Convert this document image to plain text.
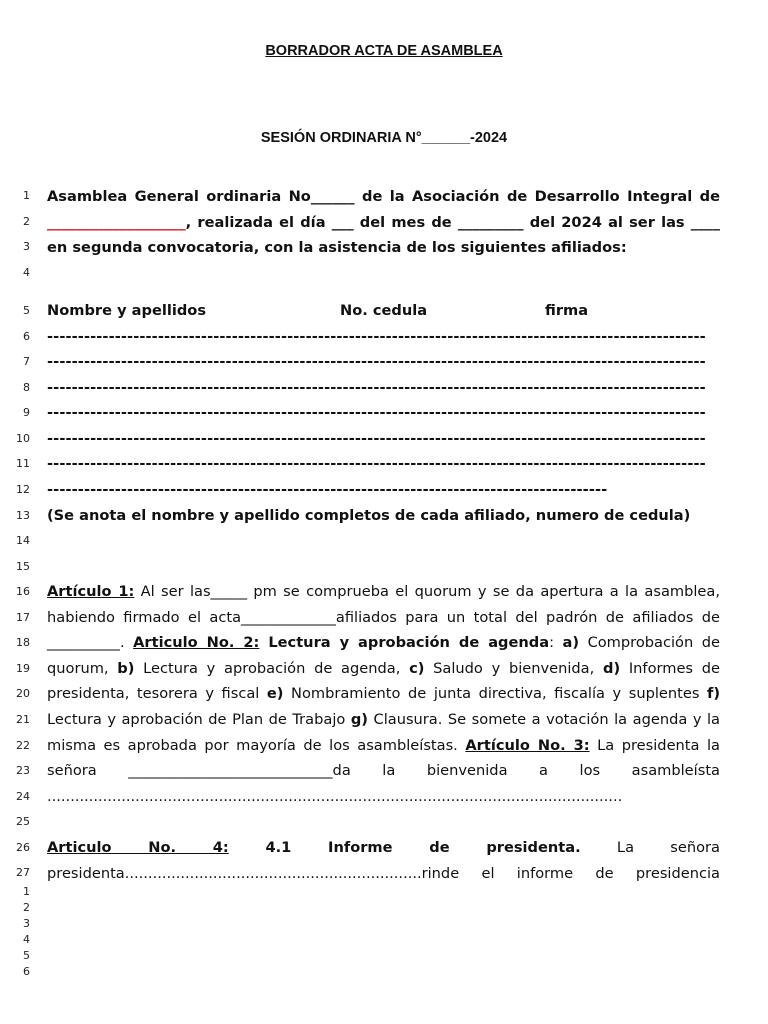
BORRADOR ACTA DE ASAMBLEA
SESIÓN ORDINARIA N°______-2024
1
2
3
4
5
6
7
8
9
10
11
12
13
14
15
16
17
18
19
20
21
22
23
24
25
26
27
1
2
3
4
5
6
Asamblea General ordinaria No______ de la Asociación de Desarrollo Integral de ___________________, realizada el día ___ del mes de _________ del 2024 al ser las ____ en segunda convocatoria, con la asistencia de los siguientes afiliados:
Nombre y apellidos	No. cedula	firma
-----------------------------------------------------------------------------------------------------------
-----------------------------------------------------------------------------------------------------------
-----------------------------------------------------------------------------------------------------------
-----------------------------------------------------------------------------------------------------------
-----------------------------------------------------------------------------------------------------------
-----------------------------------------------------------------------------------------------------------
-------------------------------------------------------------------------------------------
(Se anota el nombre y apellido completos de cada afiliado, numero de cedula)
Artículo 1: Al ser las_____ pm se comprueba el quorum y se da apertura a la asamblea, habiendo firmado el acta_____________afiliados para un total del padrón de afiliados de __________. Articulo No. 2: Lectura y aprobación de agenda: a) Comprobación de quorum, b) Lectura y aprobación de agenda, c) Saludo y bienvenida, d) Informes de presidenta, tesorera y fiscal e) Nombramiento de junta directiva, fiscalía y suplentes f) Lectura y aprobación de Plan de Trabajo g) Clausura. Se somete a votación la agenda y la misma es aprobada por mayoría de los asambleístas. Artículo No. 3: La presidenta la señora ____________________________da la bienvenida a los asambleísta ............................................................................................................................
Articulo No. 4: 4.1 Informe de presidenta. La señora presidenta................................................................rinde el informe de presidencia
